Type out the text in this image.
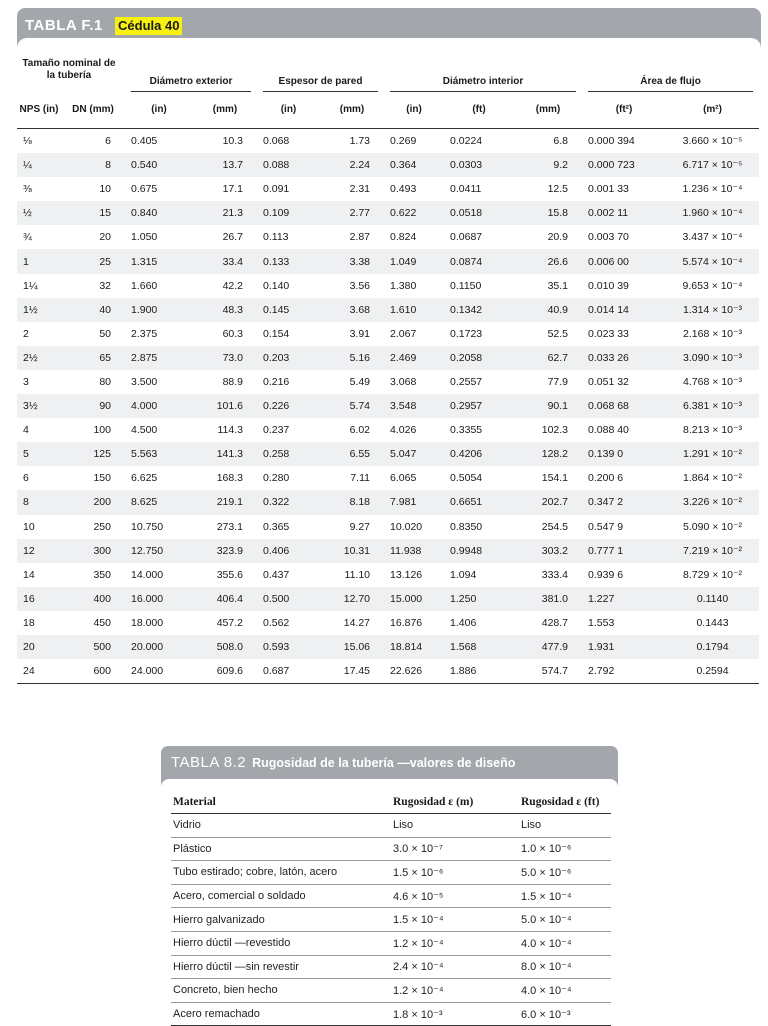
TABLA F.1 Cédula 40
Tamaño nominal de la tubería		Diámetro exterior		Espesor de pared		Diámetro interior			Área de flujo	

NPS (in)	DN (mm)	(in)	(mm)	(in)	(mm)	(in)	(ft)	(mm)	(ft²)	(m²)
⅛	6	0.405	10.3	0.068	1.73	0.269	0.0224	6.8	0.000 394	3.660 × 10⁻⁵
¼	8	0.540	13.7	0.088	2.24	0.364	0.0303	9.2	0.000 723	6.717 × 10⁻⁵
⅜	10	0.675	17.1	0.091	2.31	0.493	0.0411	12.5	0.001 33	1.236 × 10⁻⁴
½	15	0.840	21.3	0.109	2.77	0.622	0.0518	15.8	0.002 11	1.960 × 10⁻⁴
¾	20	1.050	26.7	0.113	2.87	0.824	0.0687	20.9	0.003 70	3.437 × 10⁻⁴
1	25	1.315	33.4	0.133	3.38	1.049	0.0874	26.6	0.006 00	5.574 × 10⁻⁴
1¼	32	1.660	42.2	0.140	3.56	1.380	0.1150	35.1	0.010 39	9.653 × 10⁻⁴
1½	40	1.900	48.3	0.145	3.68	1.610	0.1342	40.9	0.014 14	1.314 × 10⁻³
2	50	2.375	60.3	0.154	3.91	2.067	0.1723	52.5	0.023 33	2.168 × 10⁻³
2½	65	2.875	73.0	0.203	5.16	2.469	0.2058	62.7	0.033 26	3.090 × 10⁻³
3	80	3.500	88.9	0.216	5.49	3.068	0.2557	77.9	0.051 32	4.768 × 10⁻³
3½	90	4.000	101.6	0.226	5.74	3.548	0.2957	90.1	0.068 68	6.381 × 10⁻³
4	100	4.500	114.3	0.237	6.02	4.026	0.3355	102.3	0.088 40	8.213 × 10⁻³
5	125	5.563	141.3	0.258	6.55	5.047	0.4206	128.2	0.139 0	1.291 × 10⁻²
6	150	6.625	168.3	0.280	7.11	6.065	0.5054	154.1	0.200 6	1.864 × 10⁻²
8	200	8.625	219.1	0.322	8.18	7.981	0.6651	202.7	0.347 2	3.226 × 10⁻²
10	250	10.750	273.1	0.365	9.27	10.020	0.8350	254.5	0.547 9	5.090 × 10⁻²
12	300	12.750	323.9	0.406	10.31	11.938	0.9948	303.2	0.777 1	7.219 × 10⁻²
14	350	14.000	355.6	0.437	11.10	13.126	1.094	333.4	0.939 6	8.729 × 10⁻²
16	400	16.000	406.4	0.500	12.70	15.000	1.250	381.0	1.227	0.1140
18	450	18.000	457.2	0.562	14.27	16.876	1.406	428.7	1.553	0.1443
20	500	20.000	508.0	0.593	15.06	18.814	1.568	477.9	1.931	0.1794
24	600	24.000	609.6	0.687	17.45	22.626	1.886	574.7	2.792	0.2594
TABLA 8.2 Rugosidad de la tubería —valores de diseño
Material	Rugosidad ε (m)	Rugosidad ε (ft)
Vidrio	Liso	Liso
Plástico	3.0 × 10⁻⁷	1.0 × 10⁻⁶
Tubo estirado; cobre, latón, acero	1.5 × 10⁻⁶	5.0 × 10⁻⁶
Acero, comercial o soldado	4.6 × 10⁻⁵	1.5 × 10⁻⁴
Hierro galvanizado	1.5 × 10⁻⁴	5.0 × 10⁻⁴
Hierro dúctil —revestido	1.2 × 10⁻⁴	4.0 × 10⁻⁴
Hierro dúctil —sin revestir	2.4 × 10⁻⁴	8.0 × 10⁻⁴
Concreto, bien hecho	1.2 × 10⁻⁴	4.0 × 10⁻⁴
Acero remachado	1.8 × 10⁻³	6.0 × 10⁻³
